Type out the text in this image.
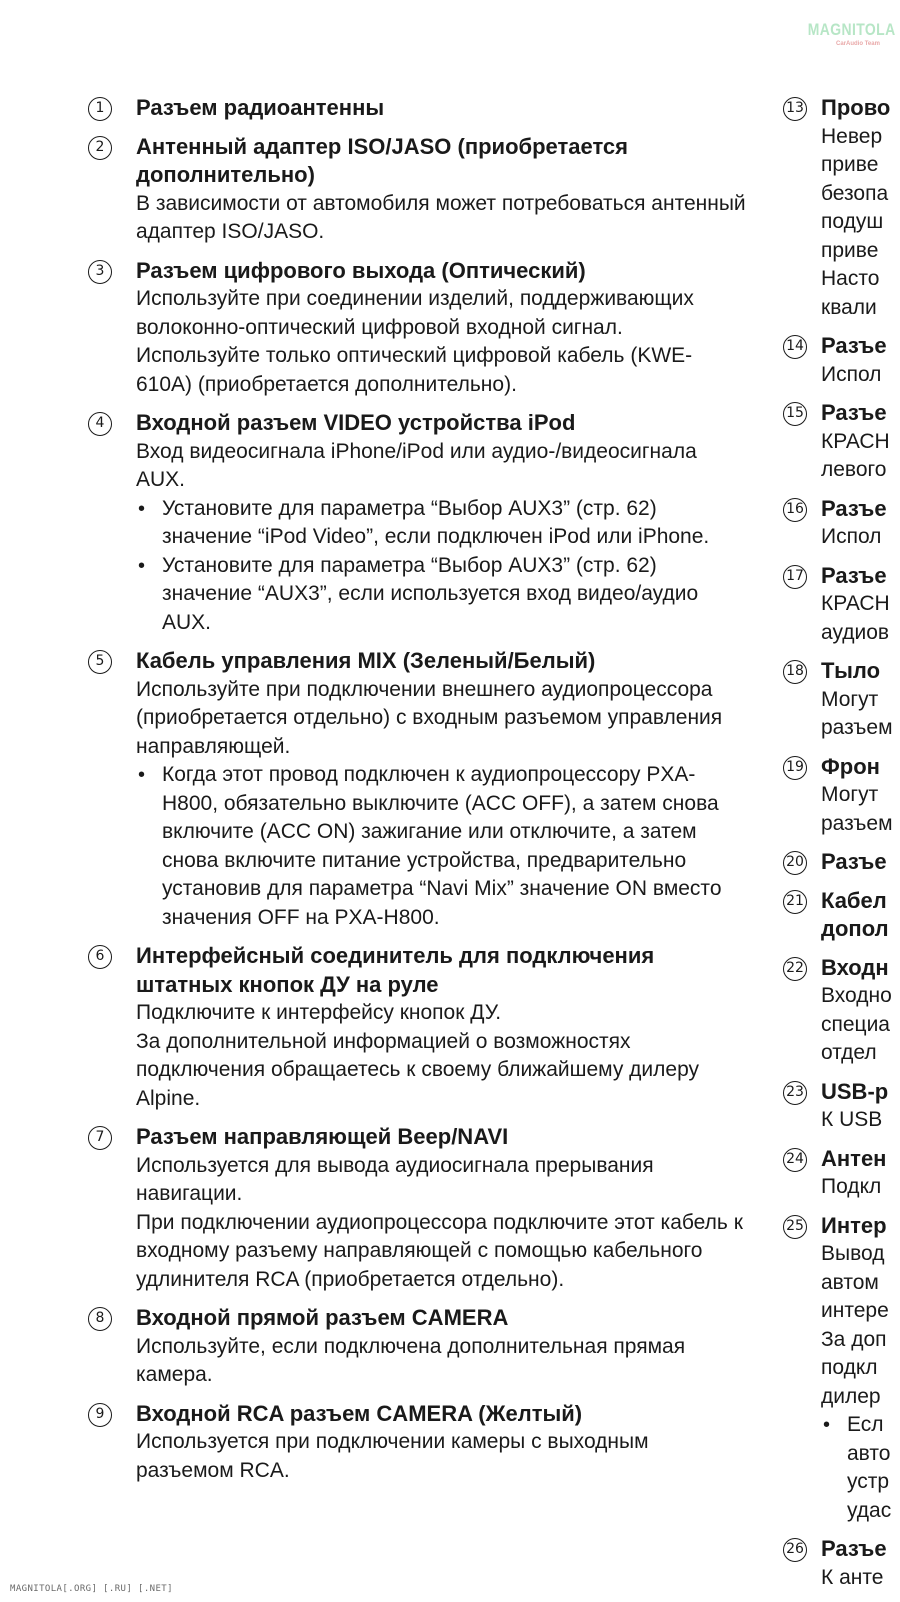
MAGNITOLA
CarAudio Team
1	Разъем радиоантенны
2	Антенный адаптер ISO/JASO (приобретается дополнительно)
В зависимости от автомобиля может потребоваться антенный адаптер ISO/JASO.
3	Разъем цифрового выхода (Оптический)
Используйте при соединении изделий, поддерживающих волоконно-оптический цифровой входной сигнал. Используйте только оптический цифровой кабель (KWE-610A) (приобретается дополнительно).
4	Входной разъем VIDEO устройства iPod
Вход видеосигнала iPhone/iPod или аудио-/видеосигнала AUX.
• Установите для параметра “Выбор AUX3” (стр. 62) значение “iPod Video”, если подключен iPod или iPhone.
• Установите для параметра “Выбор AUX3” (стр. 62) значение “AUX3”, если используется вход видео/аудио AUX.
5	Кабель управления MIX (Зеленый/Белый)
Используйте при подключении внешнего аудиопроцессора (приобретается отдельно) с входным разъемом управления направляющей.
• Когда этот провод подключен к аудиопроцессору PXA-H800, обязательно выключите (ACC OFF), а затем снова включите (ACC ON) зажигание или отключите, а затем снова включите питание устройства, предварительно установив для параметра “Navi Mix” значение ON вместо значения OFF на PXA-H800.
6	Интерфейсный соединитель для подключения штатных кнопок ДУ на руле
Подключите к интерфейсу кнопок ДУ.
За дополнительной информацией о возможностях подключения обращаетесь к своему ближайшему дилеру Alpine.
7	Разъем направляющей Beep/NAVI
Используется для вывода аудиосигнала прерывания навигации.
При подключении аудиопроцессора подключите этот кабель к входному разъему направляющей с помощью кабельного удлинителя RCA (приобретается отдельно).
8	Входной прямой разъем CAMERA
Используйте, если подключена дополнительная прямая камера.
9	Входной RCA разъем CAMERA (Желтый)
Используется при подключении камеры с выходным разъемом RCA.
13 Прово
Невер
приве
безопа
подуш
приве
Насто
квали
14 Разъе
Испол
15 Разъе
КРАСН
левого
16 Разъе
Испол
17 Разъе
КРАСН
аудиов
18 Тыло
Могут
разъем
19 Фрон
Могут
разъем
20 Разъе
21 Кабел
допол
22 Входн
Входно
специа
отдел
23 USB-р
К USB
24 Антен
Подкл
25 Интер
Вывод
автом
интере
За доп
подкл
дилер
• Есл
авто
устр
удас
26 Разъе
К анте
MAGNITOLA[.ORG] [.RU] [.NET]
